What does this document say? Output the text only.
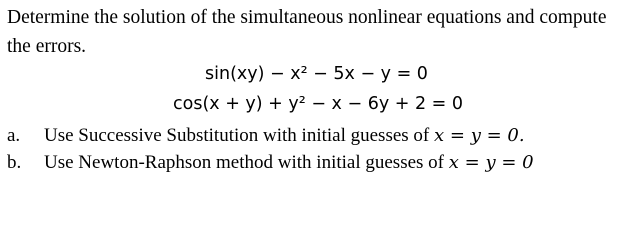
Determine the solution of the simultaneous nonlinear equations and compute the errors.

sin(xy) − x² − 5x − y = 0
cos(x + y) + y² − x − 6y + 2 = 0
a. Use Successive Substitution with initial guesses of x = y = 0.
b. Use Newton-Raphson method with initial guesses of x = y = 0
